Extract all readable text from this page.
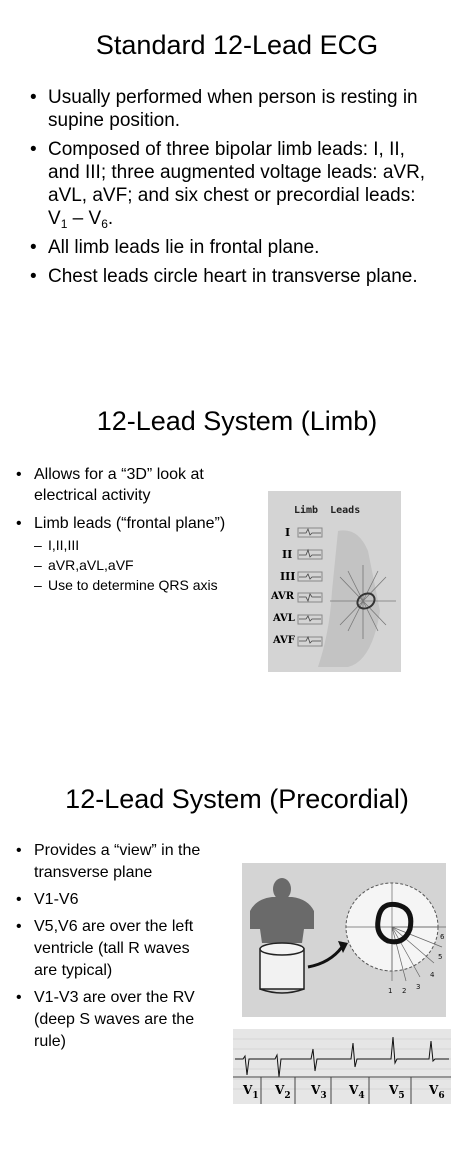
Standard 12-Lead ECG
• Usually performed when person is resting in supine position.
• Composed of three bipolar limb leads: I, II, and III; three augmented voltage leads: aVR, aVL, aVF; and six chest or precordial leads: $V_1 - V_6$.
• All limb leads lie in frontal plane.
• Chest leads circle heart in transverse plane.
12-Lead System (Limb)
• Allows for a “3D” look at electrical activity
• Limb leads (“frontal plane”)
– I,II,III
– aVR,aVL,aVF
– Use to determine QRS axis
Limb  Leads
I
II
III
AVR
AVL
AVF
12-Lead System (Precordial)
• Provides a “view” in the transverse plane
• V1-V6
• V5,V6 are over the left ventricle (tall R waves are typical)
• V1-V3 are over the RV (deep S waves are the rule)
1 2 3
4
5
6
$V_1$ $V_2$ $V_3$ $V_4$ $V_5$ $V_6$
